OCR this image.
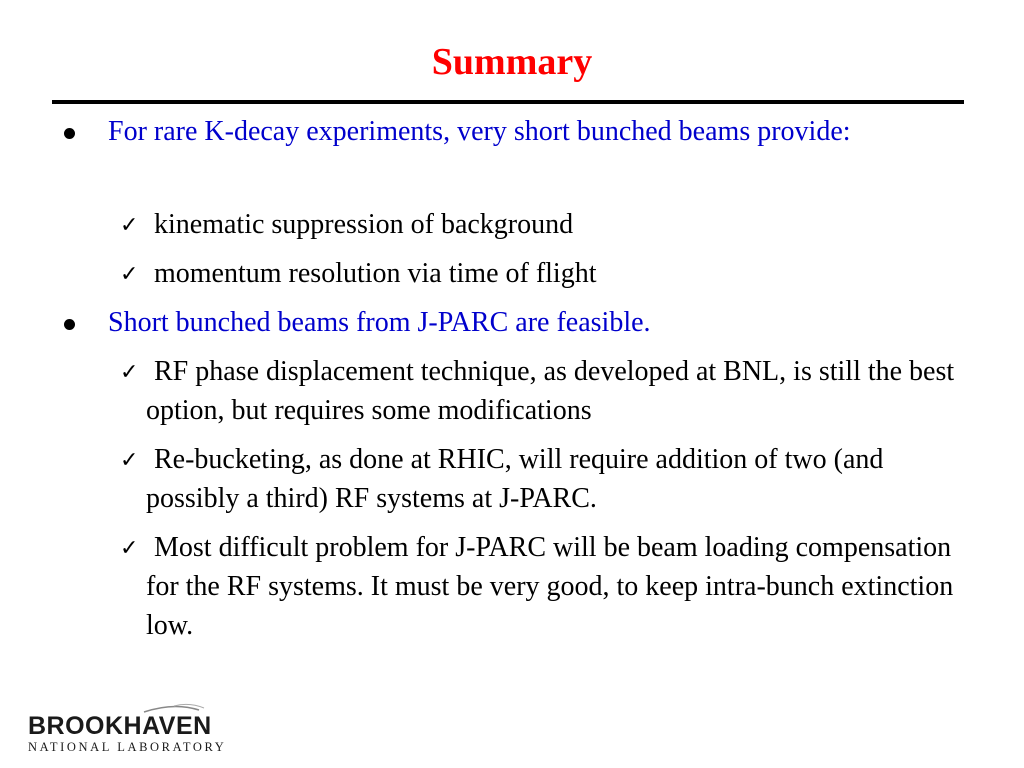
Summary
For rare K-decay experiments, very short bunched beams provide:
✓ kinematic suppression of background
✓ momentum resolution via time of flight
Short bunched beams from J-PARC are feasible.
✓ RF phase displacement technique, as developed at BNL, is still the best option, but requires some modifications
✓ Re-bucketing, as done at RHIC, will require addition of two (and possibly a third) RF systems at J-PARC.
✓ Most difficult problem for J-PARC will be beam loading compensation for the RF systems. It must be very good, to keep intra-bunch extinction low.
BROOKHAVEN
NATIONAL LABORATORY
